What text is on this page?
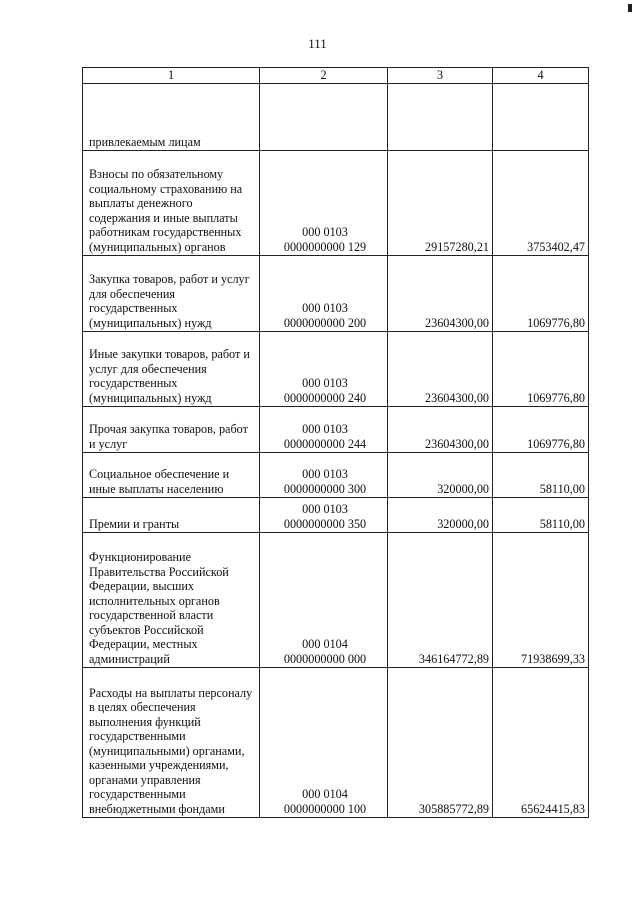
111
1	2	3	4
привлекаемым лицам			
Взносы по обязательному социальному страхованию на выплаты денежного содержания и иные выплаты работникам государственных (муниципальных) органов	000 0103
0000000000 129	29157280,21	3753402,47
Закупка товаров, работ и услуг для обеспечения государственных (муниципальных) нужд	000 0103
0000000000 200	23604300,00	1069776,80
Иные закупки товаров, работ и услуг для обеспечения государственных (муниципальных) нужд	000 0103
0000000000 240	23604300,00	1069776,80
Прочая закупка товаров, работ и услуг	000 0103
0000000000 244	23604300,00	1069776,80
Социальное обеспечение и иные выплаты населению	000 0103
0000000000 300	320000,00	58110,00
Премии и гранты	000 0103
0000000000 350	320000,00	58110,00
Функционирование Правительства Российской Федерации, высших исполнительных органов государственной власти субъектов Российской Федерации, местных администраций	000 0104
0000000000 000	346164772,89	71938699,33
Расходы на выплаты персоналу в целях обеспечения выполнения функций государственными (муниципальными) органами, казенными учреждениями, органами управления государственными внебюджетными фондами	000 0104
0000000000 100	305885772,89	65624415,83
